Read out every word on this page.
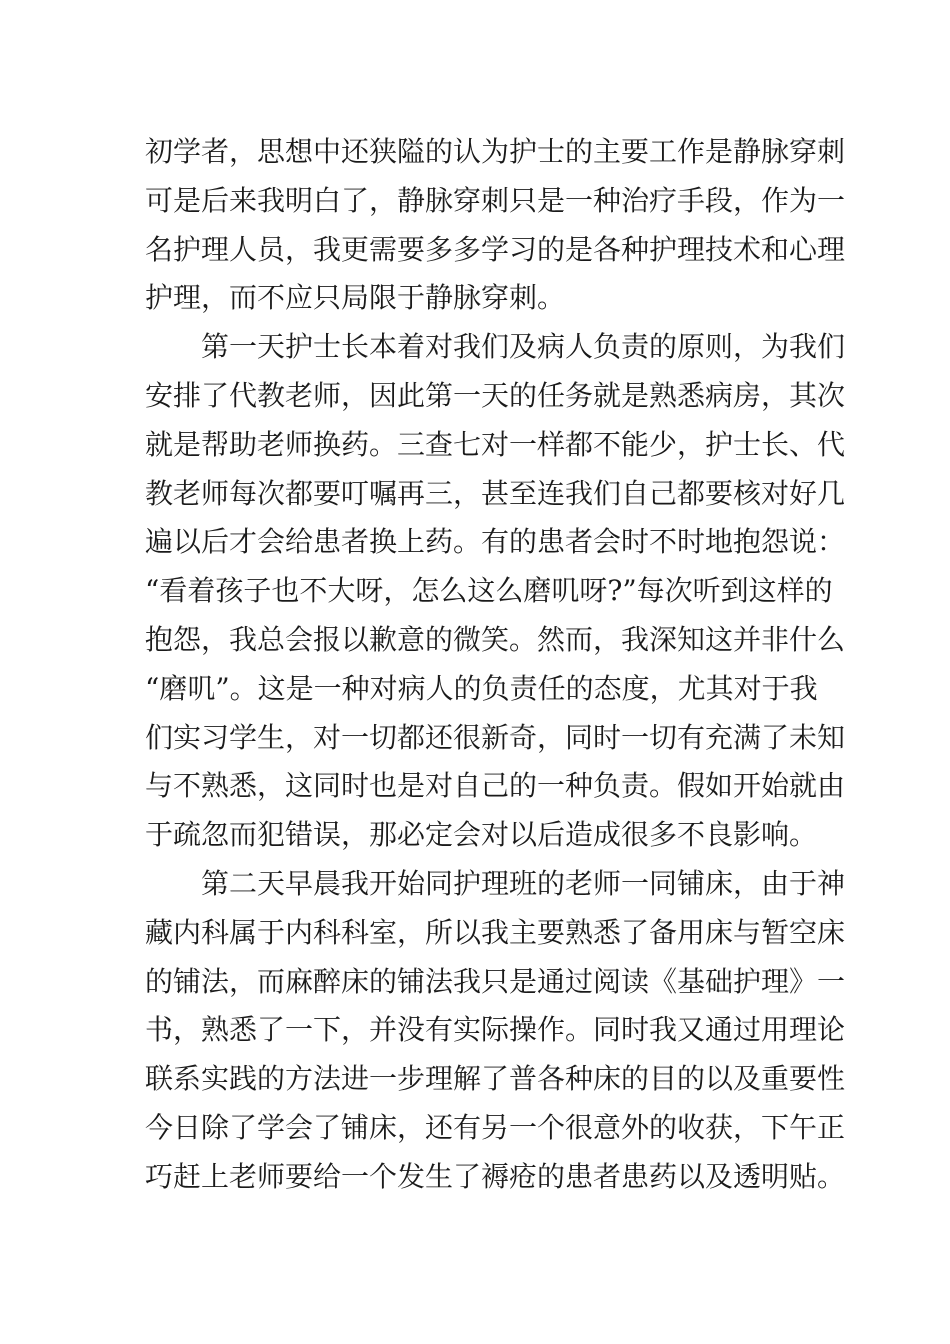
初学者，思想中还狭隘的认为护士的主要工作是静脉穿刺
可是后来我明白了，静脉穿刺只是一种治疗手段，作为一
名护理人员，我更需要多多学习的是各种护理技术和心理
护理，而不应只局限于静脉穿刺。
第一天护士长本着对我们及病人负责的原则，为我们
安排了代教老师，因此第一天的任务就是熟悉病房，其次
就是帮助老师换药。三查七对一样都不能少，护士长、代
教老师每次都要叮嘱再三，甚至连我们自己都要核对好几
遍以后才会给患者换上药。有的患者会时不时地抱怨说：
“看着孩子也不大呀，怎么这么磨叽呀?”每次听到这样的
抱怨，我总会报以歉意的微笑。然而，我深知这并非什么
“磨叽”。这是一种对病人的负责任的态度，尤其对于我
们实习学生，对一切都还很新奇，同时一切有充满了未知
与不熟悉，这同时也是对自己的一种负责。假如开始就由
于疏忽而犯错误，那必定会对以后造成很多不良影响。
第二天早晨我开始同护理班的老师一同铺床，由于神
藏内科属于内科科室，所以我主要熟悉了备用床与暂空床
的铺法，而麻醉床的铺法我只是通过阅读《基础护理》一
书，熟悉了一下，并没有实际操作。同时我又通过用理论
联系实践的方法进一步理解了普各种床的目的以及重要性
今日除了学会了铺床，还有另一个很意外的收获，下午正
巧赶上老师要给一个发生了褥疮的患者患药以及透明贴。
